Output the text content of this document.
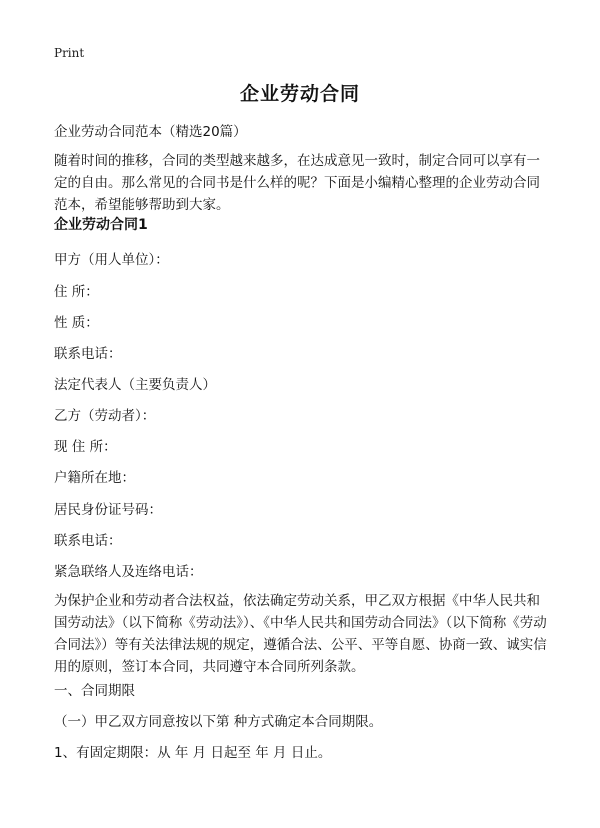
Print
企业劳动合同

企业劳动合同范本（精选20篇）

随着时间的推移，合同的类型越来越多，在达成意见一致时，制定合同可以享有一定的自由。那么常见的合同书是什么样的呢？下面是小编精心整理的企业劳动合同范本，希望能够帮助到大家。

企业劳动合同1

甲方（用人单位）：

住 所：

性 质：

联系电话：

法定代表人（主要负责人）

乙方（劳动者）：

现 住 所：

户籍所在地：

居民身份证号码：

联系电话：

紧急联络人及连络电话：

为保护企业和劳动者合法权益，依法确定劳动关系，甲乙双方根据《中华人民共和国劳动法》（以下简称《劳动法》）、《中华人民共和国劳动合同法》（以下简称《劳动合同法》）等有关法律法规的规定，遵循合法、公平、平等自愿、协商一致、诚实信用的原则，签订本合同，共同遵守本合同所列条款。

一、合同期限

（一）甲乙双方同意按以下第 种方式确定本合同期限。

1、有固定期限：从 年 月 日起至 年 月 日止。
